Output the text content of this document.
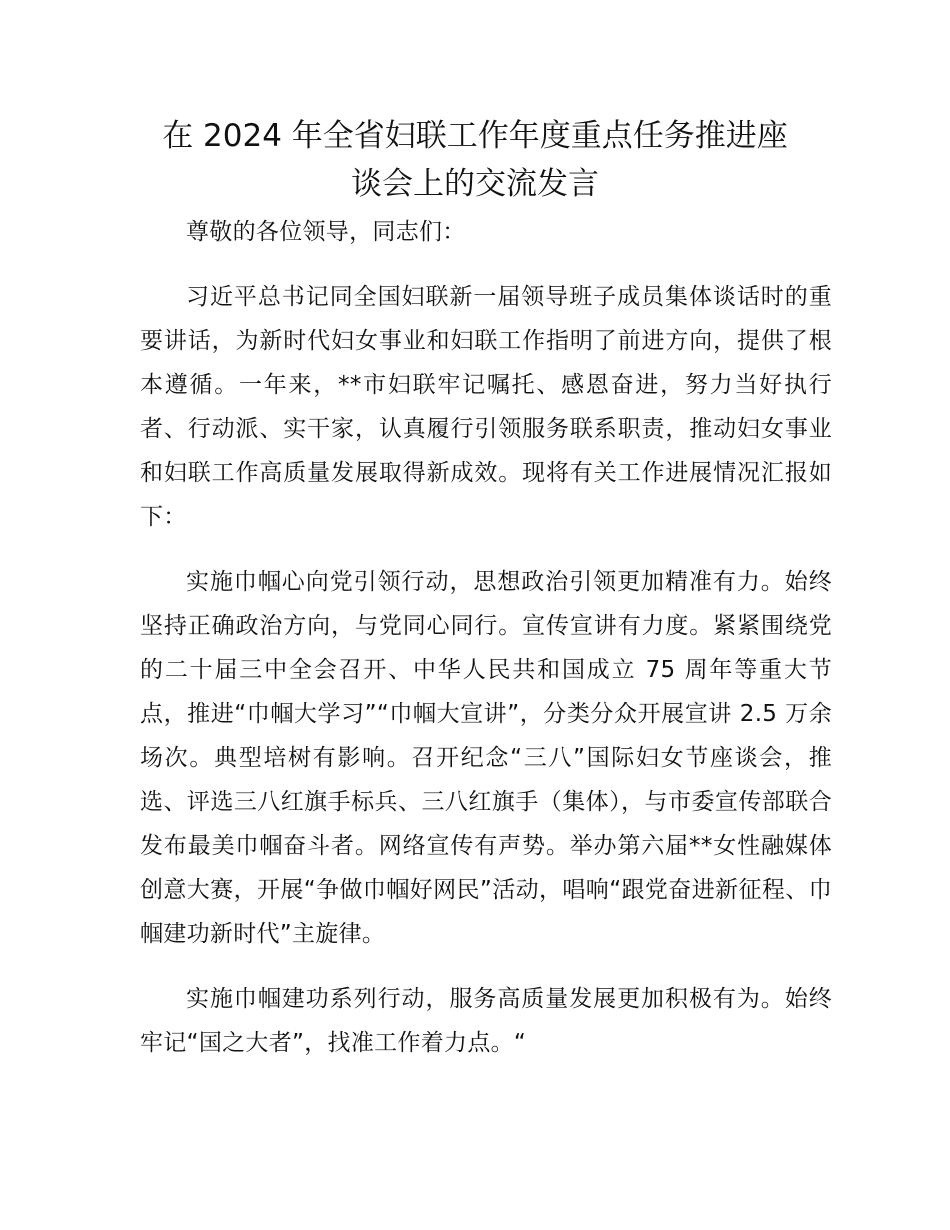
在 2024 年全省妇联工作年度重点任务推进座
谈会上的交流发言

尊敬的各位领导，同志们：

习近平总书记同全国妇联新一届领导班子成员集体谈话时的重要讲话，为新时代妇女事业和妇联工作指明了前进方向，提供了根本遵循。一年来，**市妇联牢记嘱托、感恩奋进，努力当好执行者、行动派、实干家，认真履行引领服务联系职责，推动妇女事业和妇联工作高质量发展取得新成效。现将有关工作进展情况汇报如下：

实施巾帼心向党引领行动，思想政治引领更加精准有力。始终坚持正确政治方向，与党同心同行。宣传宣讲有力度。紧紧围绕党的二十届三中全会召开、中华人民共和国成立 75 周年等重大节点，推进“巾帼大学习”“巾帼大宣讲”，分类分众开展宣讲 2.5 万余场次。典型培树有影响。召开纪念“三八”国际妇女节座谈会，推选、评选三八红旗手标兵、三八红旗手（集体），与市委宣传部联合发布最美巾帼奋斗者。网络宣传有声势。举办第六届**女性融媒体创意大赛，开展“争做巾帼好网民”活动，唱响“跟党奋进新征程、巾帼建功新时代”主旋律。

实施巾帼建功系列行动，服务高质量发展更加积极有为。始终牢记“国之大者”，找准工作着力点。“
